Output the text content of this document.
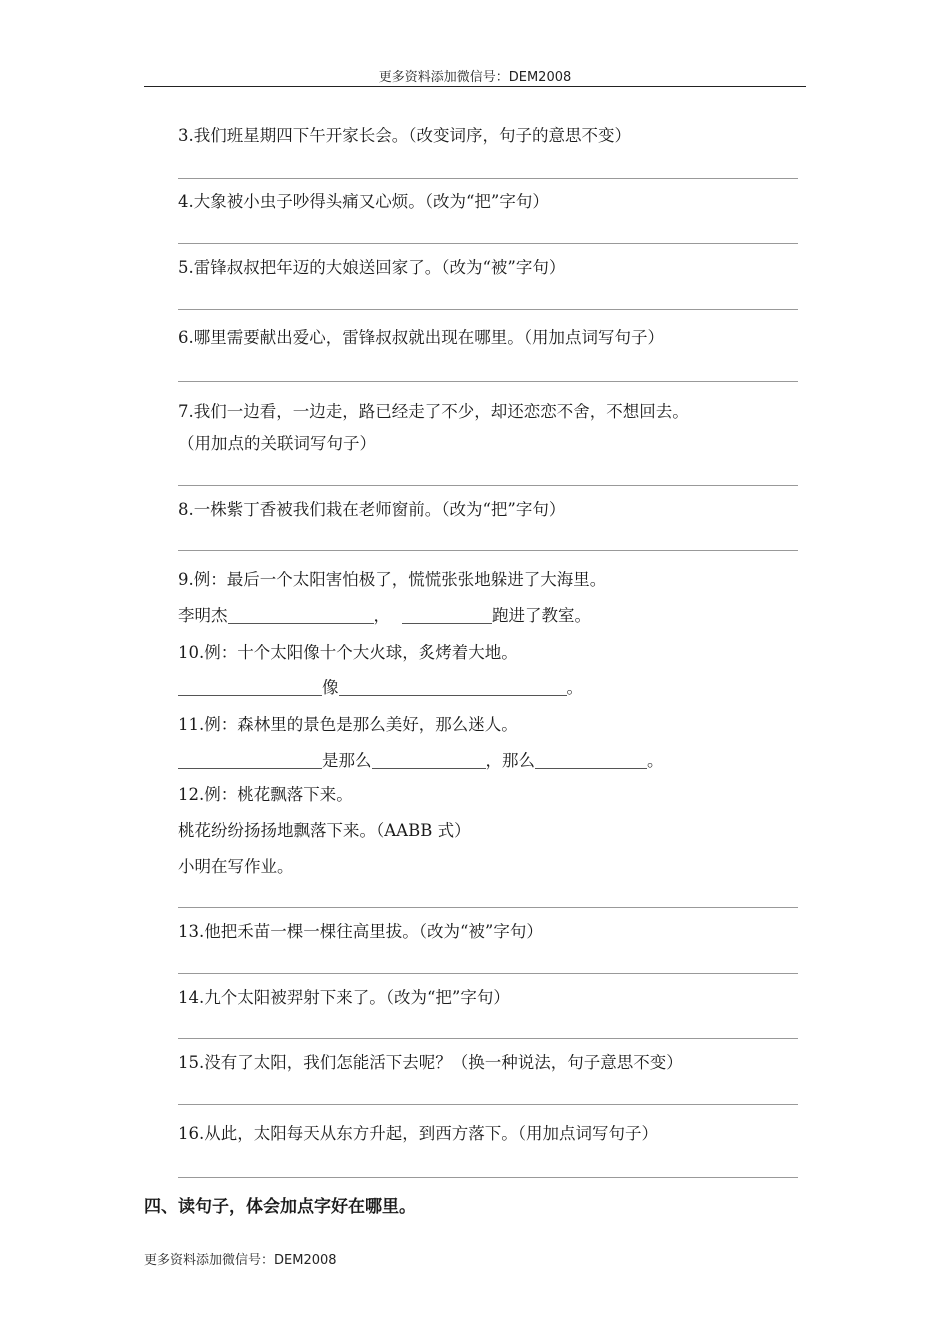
更多资料添加微信号：DEM2008
3.我们班星期四下午开家长会。（改变词序，句子的意思不变）
4.大象被小虫子吵得头痛又心烦。（改为“把”字句）
5.雷锋叔叔把年迈的大娘送回家了。（改为“被”字句）
6.哪里需要献出爱心，雷锋叔叔就出现在哪里。（用加点词写句子）
7.我们一边看，一边走，路已经走了不少，却还恋恋不舍，不想回去。
（用加点的关联词写句子）
8.一株紫丁香被我们栽在老师窗前。（改为“把”字句）
9.例：最后一个太阳害怕极了，慌慌张张地躲进了大海里。
李明杰	，	跑进了教室。
10.例：十个太阳像十个大火球，炙烤着大地。
像	。
11.例：森林里的景色是那么美好，那么迷人。
是那么	，那么	。
12.例：桃花飘落下来。
桃花纷纷扬扬地飘落下来。（AABB 式）
小明在写作业。
13.他把禾苗一棵一棵往高里拔。（改为“被”字句）
14.九个太阳被羿射下来了。（改为“把”字句）
15.没有了太阳，我们怎能活下去呢？（换一种说法，句子意思不变）
16.从此，太阳每天从东方升起，到西方落下。（用加点词写句子）
四、读句子，体会加点字好在哪里。
更多资料添加微信号：DEM2008
